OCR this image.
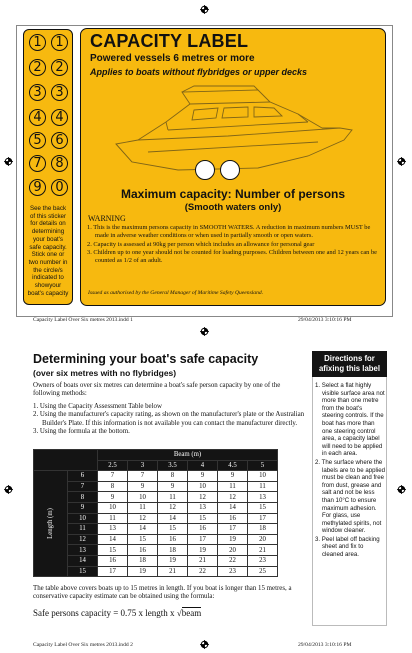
1	1
2	2
3	3
4	4
5	6
7	8
9	0
See the back of this sticker for details on determining your boat's safe capacity. Stick one or two number in the circle/s indicated to showyour boat's capacity
CAPACITY LABEL
Powered vessels 6 metres or more
Applies to boats without flybridges or upper decks
Maximum capacity: Number of persons
(Smooth waters only)
WARNING
1. This is the maximum persons capacity in SMOOTH WATERS. A reduction in maximum numbers MUST be made in adverse weather conditions or when used in partially smooth or open waters.
2. Capacity is assessed at 90kg per person which includes an allowance for personal gear
3. Children up to one year should not be counted for loading purposes. Children between one and 12 years can be counted as 1/2 of an adult.
Issued as authorised by the General Manager of Maritime Safety Queensland.
Capacity Label Over Six metres 2013.indd 1	29/04/2013 3:10:16 PM
Determining your boat's safe capacity
(over six metres with no flybridges)
Owners of boats over six metres can determine a boat's safe person capacity by one of the following methods:
1. Using the Capacity Assessment Table below
2. Using the manufacturer's capacity rating, as shown on the manufacturer's plate or the Australian Builder's Plate. If this information is not available you can contact the manufacturer directly.
3. Using the formula at the bottom.
		Beam (m)					
		2.5	3	3.5	4	4.5	5

Length (m)	6	7	7	8	9	9	10
	7	8	9	9	10	11	11
	8	9	10	11	12	12	13
	9	10	11	12	13	14	15
	10	11	12	14	15	16	17
	11	13	14	15	16	17	18
	12	14	15	16	17	19	20
	13	15	16	18	19	20	21
	14	16	18	19	21	22	23
	15	17	19	21	22	23	25
The table above covers boats up to 15 metres in length. If you boat is longer than 15 metres, a conservative capacity estimate can be obtained using the formula:
Safe persons capacity = 0.75 x length x √beam
Directions for afixing this label
1. Select a flat highly visible surface area not more than one metre from the boat's steering controls. If the boat has more than one steering control area, a capacity label will need to be applied in each area.
2. The surface where the labels are to be applied must be clean and free from dust, grease and salt and not be less than 10°C to ensure maximum adhesion. For glass, use methylated spirits, not window cleaner.
3. Peel label off backing sheet and fix to cleaned area.
Capacity Label Over Six metres 2013.indd 2	29/04/2013 3:10:16 PM
